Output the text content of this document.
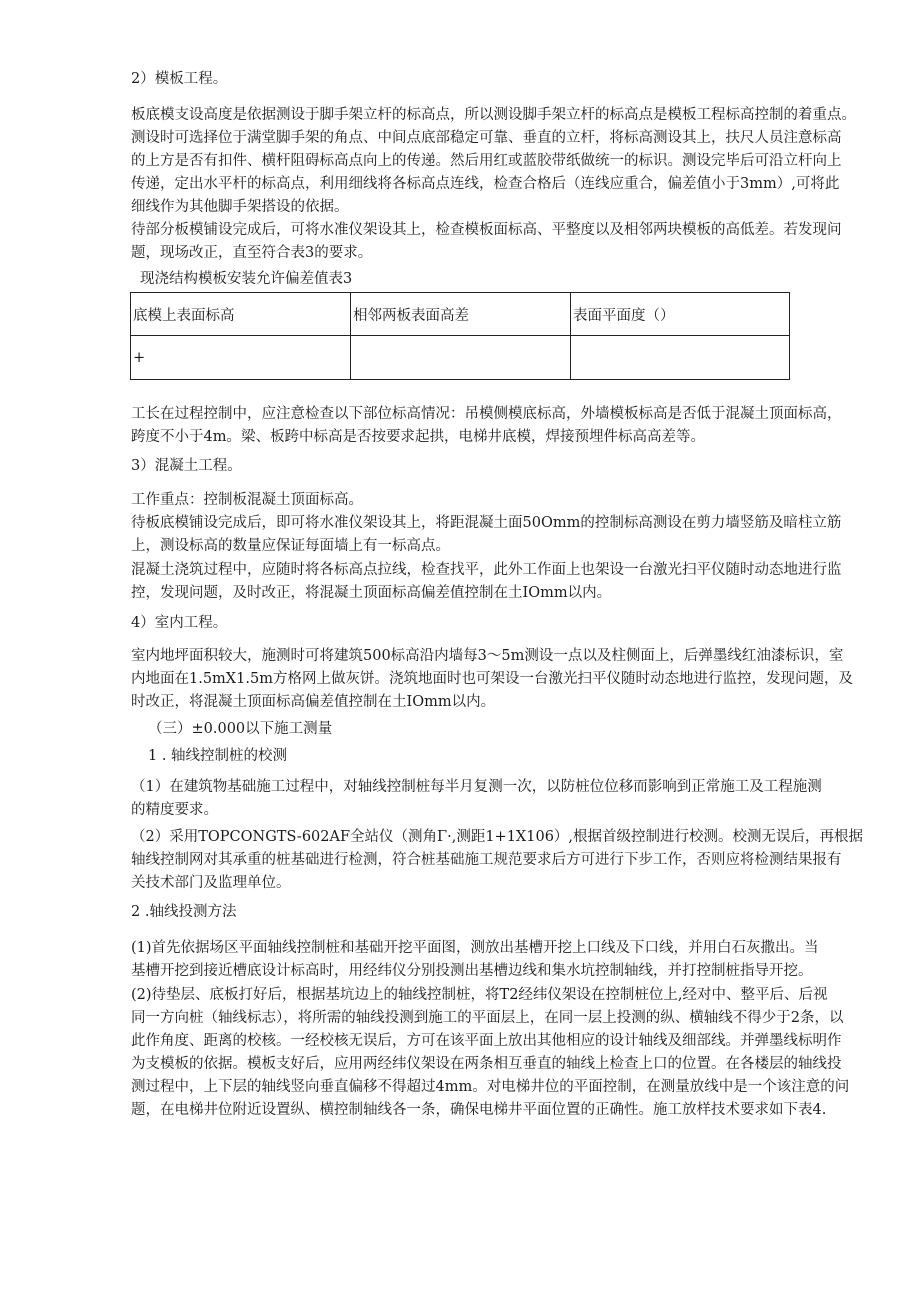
2）模板工程。
板底模支设高度是依据测设于脚手架立杆的标高点，所以测设脚手架立杆的标高点是模板工程标高控制的着重点。
测设时可选择位于满堂脚手架的角点、中间点底部稳定可靠、垂直的立杆，将标高测设其上，扶尺人员注意标高
的上方是否有扣件、横杆阻碍标高点向上的传递。然后用红或蓝胶带纸做统一的标识。测设完毕后可沿立杆向上
传递，定出水平杆的标高点，利用细线将各标高点连线，检查合格后（连线应重合，偏差值小于3mm）,可将此
细线作为其他脚手架搭设的依据。
待部分板模铺设完成后，可将水准仪架设其上，检查模板面标高、平整度以及相邻两块模板的高低差。若发现问
题，现场改正，直至符合表3的要求。
现浇结构模板安装允许偏差值表3
底模上表面标高	相邻两板表面高差	表面平面度（）
+		
工长在过程控制中，应注意检查以下部位标高情况：吊模侧模底标高，外墙模板标高是否低于混凝土顶面标高，
跨度不小于4m。梁、板跨中标高是否按要求起拱，电梯井底模，焊接预埋件标高高差等。
3）混凝土工程。
工作重点：控制板混凝土顶面标高。
待板底模铺设完成后，即可将水准仪架设其上，将距混凝土面50Omm的控制标高测设在剪力墙竖筋及暗柱立筋
上，测设标高的数量应保证每面墙上有一标高点。
混凝土浇筑过程中，应随时将各标高点拉线，检查找平，此外工作面上也架设一台激光扫平仪随时动态地进行监
控，发现问题，及时改正，将混凝土顶面标高偏差值控制在土IOmm以内。
4）室内工程。
室内地坪面积较大，施测时可将建筑500标高沿内墙每3～5m测设一点以及柱侧面上，后弹墨线红油漆标识，室
内地面在1.5mX1.5m方格网上做灰饼。浇筑地面时也可架设一台激光扫平仪随时动态地进行监控，发现问题，及
时改正，将混凝土顶面标高偏差值控制在土IOmm以内。
（三）±0.000以下施工测量
1 . 轴线控制桩的校测
（1）在建筑物基础施工过程中，对轴线控制桩每半月复测一次，以防桩位位移而影响到正常施工及工程施测
的精度要求。
（2）采用TOPCONGTS-602AF全站仪（测角Γ·,测距1+1X106）,根据首级控制进行校测。校测无误后，再根据
轴线控制网对其承重的桩基础进行检测，符合桩基础施工规范要求后方可进行下步工作，否则应将检测结果报有
关技术部门及监理单位。
2 .轴线投测方法
(1)首先依据场区平面轴线控制桩和基础开挖平面图，测放出基槽开挖上口线及下口线，并用白石灰撒出。当
基槽开挖到接近槽底设计标高时，用经纬仪分别投测出基槽边线和集水坑控制轴线，并打控制桩指导开挖。
(2)待垫层、底板打好后，根据基坑边上的轴线控制桩，将T2经纬仪架设在控制桩位上,经对中、整平后、后视
同一方向桩（轴线标志），将所需的轴线投测到施工的平面层上，在同一层上投测的纵、横轴线不得少于2条，以
此作角度、距离的校核。一经校核无误后，方可在该平面上放出其他相应的设计轴线及细部线。并弹墨线标明作
为支模板的依据。模板支好后，应用两经纬仪架设在两条相互垂直的轴线上检查上口的位置。在各楼层的轴线投
测过程中，上下层的轴线竖向垂直偏移不得超过4mm。对电梯井位的平面控制，在测量放线中是一个该注意的问
题，在电梯井位附近设置纵、横控制轴线各一条，确保电梯井平面位置的正确性。施工放样技术要求如下表4.
